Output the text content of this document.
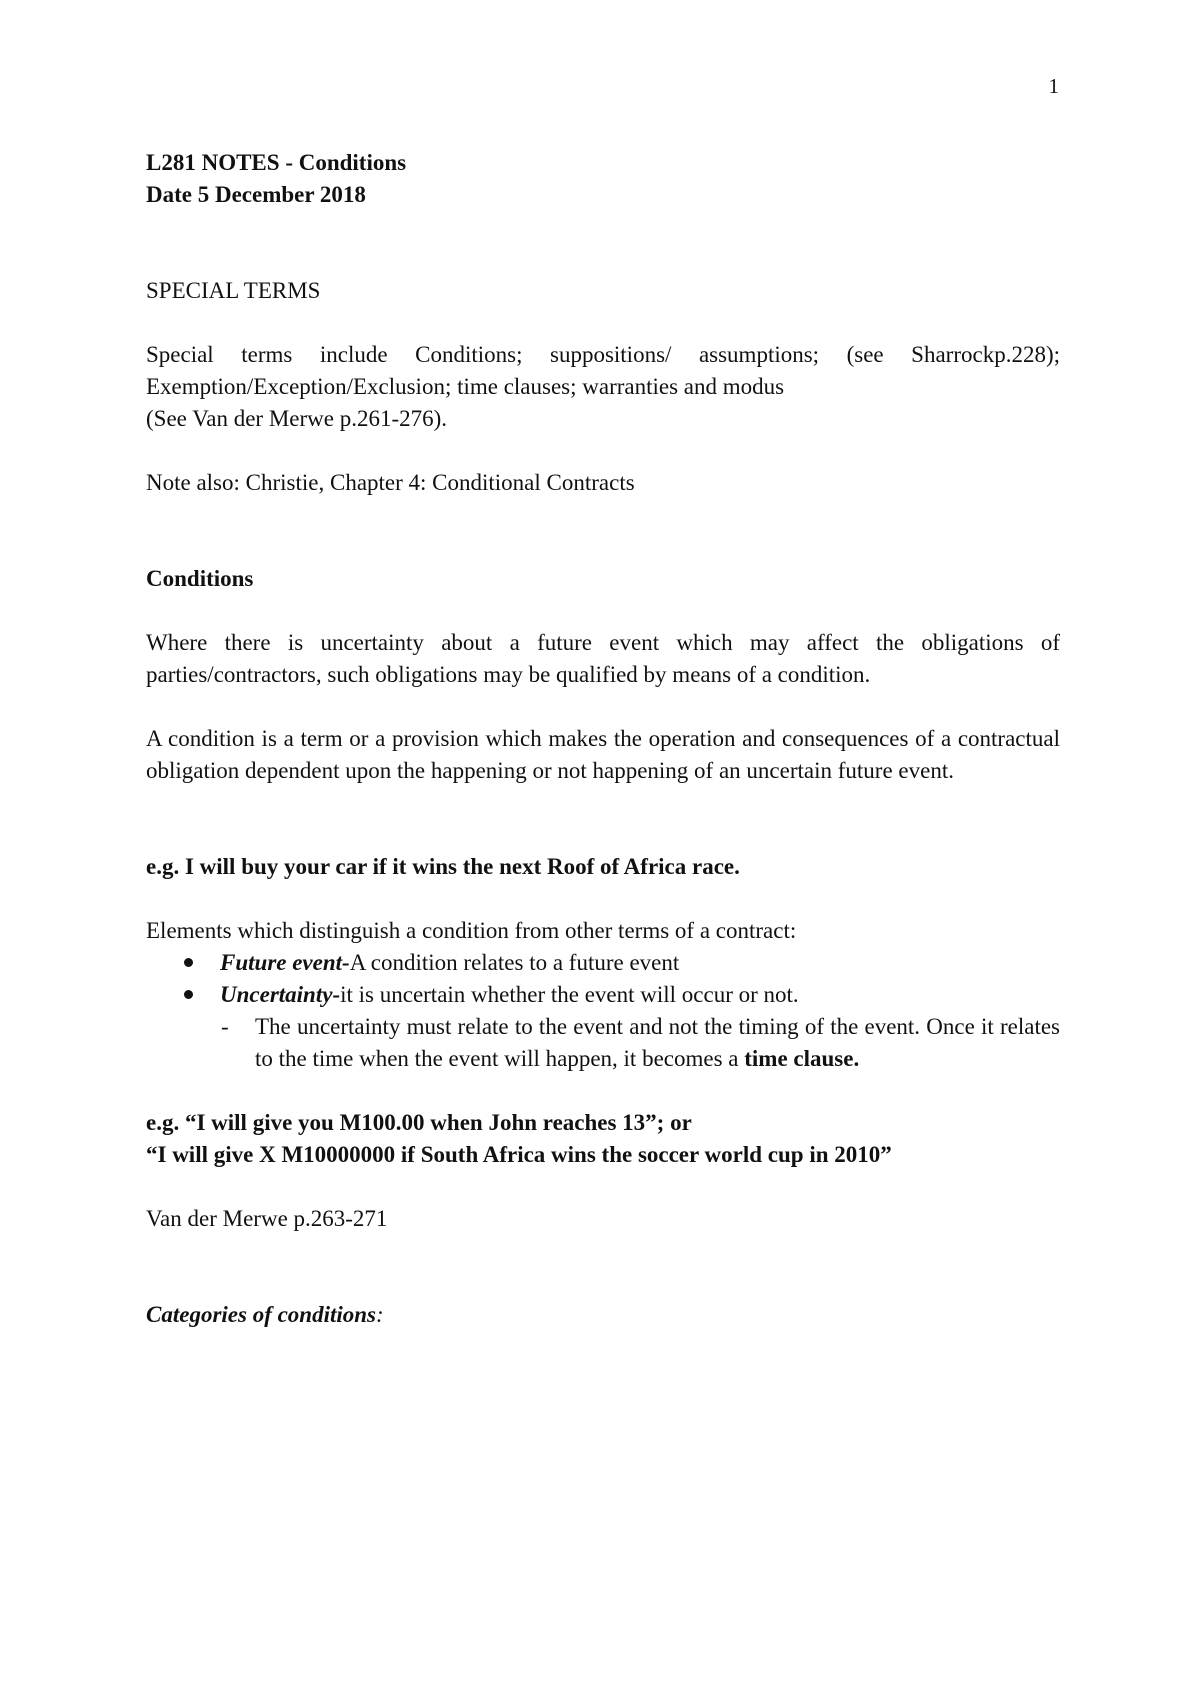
1

L281 NOTES - Conditions

Date 5 December 2018

SPECIAL TERMS

Special terms include Conditions; suppositions/ assumptions; (see Sharrockp.228); Exemption/Exception/Exclusion; time clauses; warranties and modus

(See Van der Merwe p.261-276).

Note also: Christie, Chapter 4: Conditional Contracts

Conditions

Where there is uncertainty about a future event which may affect the obligations of parties/contractors, such obligations may be qualified by means of a condition.

A condition is a term or a provision which makes the operation and consequences of a contractual obligation dependent upon the happening or not happening of an uncertain future event.

e.g. I will buy your car if it wins the next Roof of Africa race.

Elements which distinguish a condition from other terms of a contract:

Future event-A condition relates to a future event
Uncertainty-it is uncertain whether the event will occur or not.

- The uncertainty must relate to the event and not the timing of the event. Once it relates to the time when the event will happen, it becomes a time clause.

e.g. “I will give you M100.00 when John reaches 13”; or

“I will give X M10000000 if South Africa wins the soccer world cup in 2010”

Van der Merwe p.263-271

Categories of conditions:
